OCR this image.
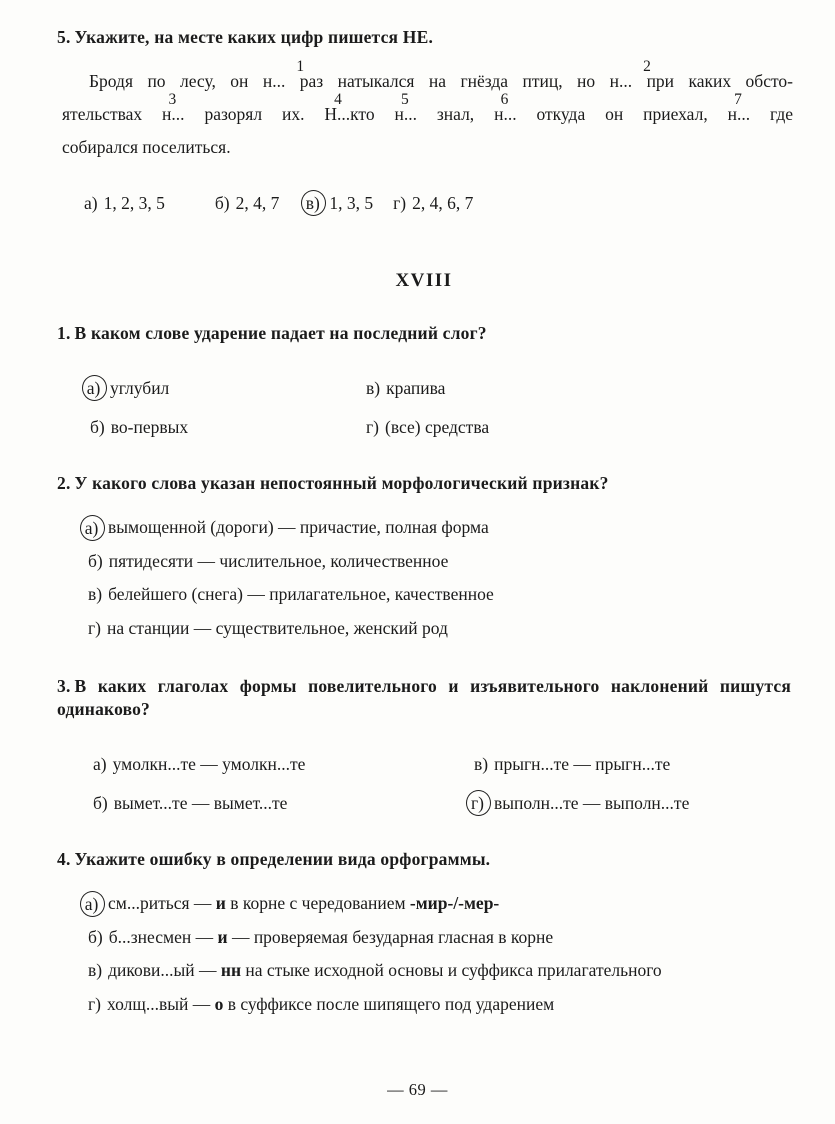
5. Укажите, на месте каких цифр пишется НЕ.

Бродя по лесу, он н...1 раз натыкался на гнёзда птиц, но н...2 при каких обсто-

ятельствах н...3 разорял их. Н...4кто н...5 знал, н...6 откуда он приехал, н...7 где

собирался поселиться.

а) 1, 2, 3, 5	б) 2, 4, 7 в) 1, 3, 5 г) 2, 4, 6, 7
XVIII
1. В каком слове ударение падает на последний слог?
а) углубил	в) крапива
б) во-первых	г) (все) средства
2. У какого слова указан непостоянный морфологический признак?
а) вымощенной (дороги) — причастие, полная форма
б) пятидесяти — числительное, количественное
в) белейшего (снега) — прилагательное, качественное
г) на станции — существительное, женский род
3. В каких глаголах формы повелительного и изъявительного наклонений пишутся
одинаково?
а) умолкн...те — умолкн...те	в) прыгн...те — прыгн...те
б) вымет...те — вымет...те	г) выполн...те — выполн...те
4. Укажите ошибку в определении вида орфограммы.
а) см...риться — и в корне с чередованием -мир-/-мер-
б) б...знесмен — и — проверяемая безударная гласная в корне
в) дикови...ый — нн на стыке исходной основы и суффикса прилагательного
г) холщ...вый — о в суффиксе после шипящего под ударением
— 69 —
